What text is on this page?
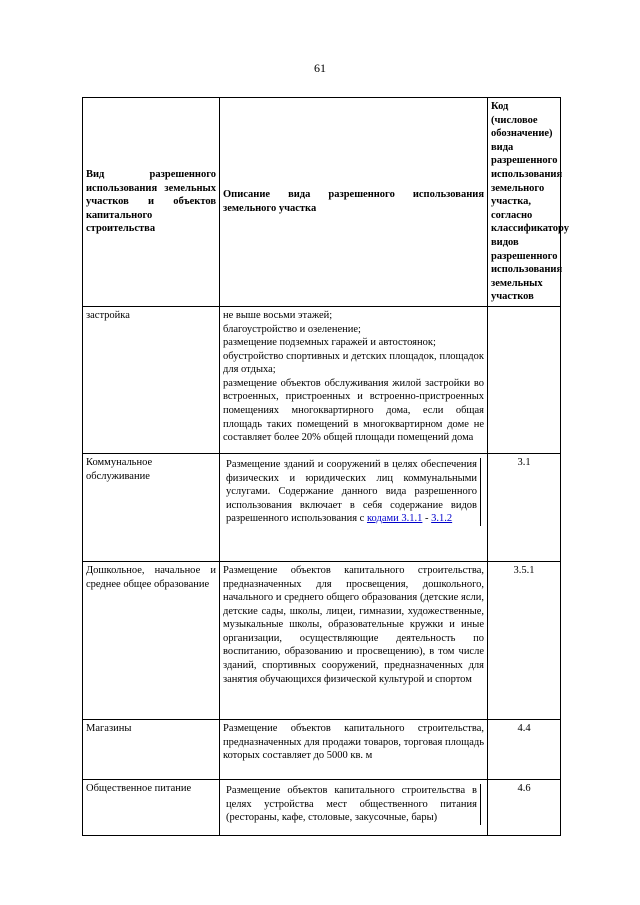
61
Вид разрешенного использования земельных участков и объектов капитального строительства	Описание вида разрешенного использования земельного участка	Код (числовое обозначение) вида разрешенного использования земельного участка, согласно классификатору видов разрешенного использования земельных участков
застройка	не выше восьми этажей;
благоустройство и озеленение;
размещение подземных гаражей и автостоянок;
обустройство спортивных и детских площадок, площадок для отдыха;
размещение объектов обслуживания жилой застройки во встроенных, пристроенных и встроенно-пристроенных помещениях многоквартирного дома, если общая площадь таких помещений в многоквартирном доме не составляет более 20% общей площади помещений дома	

Коммунальное обслуживание	Размещение зданий и сооружений в целях обеспечения физических и юридических лиц коммунальными услугами. Содержание данного вида разрешенного использования включает в себя содержание видов разрешенного использования с кодами 3.1.1 - 3.1.2	3.1
Дошкольное, начальное и среднее общее образование	Размещение объектов капитального строительства, предназначенных для просвещения, дошкольного, начального и среднего общего образования (детские ясли, детские сады, школы, лицеи, гимназии, художественные, музыкальные школы, образовательные кружки и иные организации, осуществляющие деятельность по воспитанию, образованию и просвещению), в том числе зданий, спортивных сооружений, предназначенных для занятия обучающихся физической культурой и спортом	3.5.1
Магазины	Размещение объектов капитального строительства, предназначенных для продажи товаров, торговая площадь которых составляет до 5000 кв. м	4.4
Общественное питание	Размещение объектов капитального строительства в целях устройства мест общественного питания (рестораны, кафе, столовые, закусочные, бары)	4.6
